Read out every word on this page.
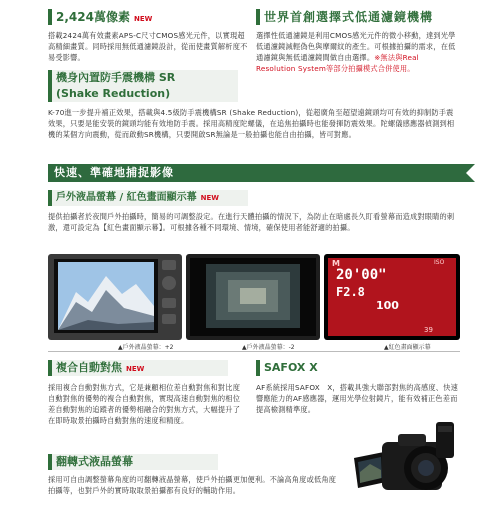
2,424萬像素 NEW
搭載2424萬有效畫素APS-C尺寸CMOS感光元件，以實現超高精細畫質。同時採用無低通濾鏡設計，從而使畫質解析度不易受影響。
世界首創選擇式低通濾鏡機構
選擇性低通濾鏡是利用CMOS感光元件的微小移動，達到光學低通濾鏡減輕偽色與摩爾紋的產生。可根據拍攝的需求，在低通濾鏡與無低通濾鏡間做自由選擇。※無法與Real Resolution System等部分拍攝模式合併使用。
機身內置防手震機構 SR
(Shake Reduction)
K-70進一步提升補正效果，搭載與4.5級防手震機構SR (Shake Reduction)，從超廣角至超望遠鏡頭均可有效的抑制防手震效果，只要是能安裝的鏡頭均能有效地防手震。採用高精度陀螺儀，在追焦拍攝時也能發揮防震效果。陀螺儀感應器偵測到相機的某個方向震動，從而啟動SR機構，只要開啟SR無論是一般拍攝也能自由拍攝，皆可對應。
快速、準確地捕捉影像
戶外液晶螢幕 / 紅色畫面顯示幕 NEW
提供拍攝者於夜間戶外拍攝時，簡易的可調整設定。在進行天體拍攝的情況下，為防止在暗處長久盯看螢幕而造成對眼睛的刺激，還可設定為【紅色畫面顯示幕】。可根據各種不同環境、情境，確保使用者能舒適的拍攝。
M	ISO
20'00"
F2.8
100
39
▲戶外液晶螢幕：+2	▲戶外液晶螢幕：-2	▲紅色畫面顯示幕
複合自動對焦 NEW
採用複合自動對焦方式，它是兼顧相位差自動對焦和對比度自動對焦的優勢的複合自動對焦，實現高速自動對焦的相位差自動對焦的追蹤者的優勢相融合的對焦方式，大幅提升了在即時取景拍攝時自動對焦的速度和精度。
SAFOX X
AF系統採用SAFOX　X，搭載具強大聯部對焦的高感度、快速響應能力的AF感應器，運用光學位射鏡片，能有效補正色差而提高檢測精準度。
翻轉式液晶螢幕
採用可自由調整螢幕角度的可翻轉液晶螢幕，使戶外拍攝更加便利。不論高角度或低角度拍攝等，也對戶外的實時取取景拍攝都有良好的輔助作用。
